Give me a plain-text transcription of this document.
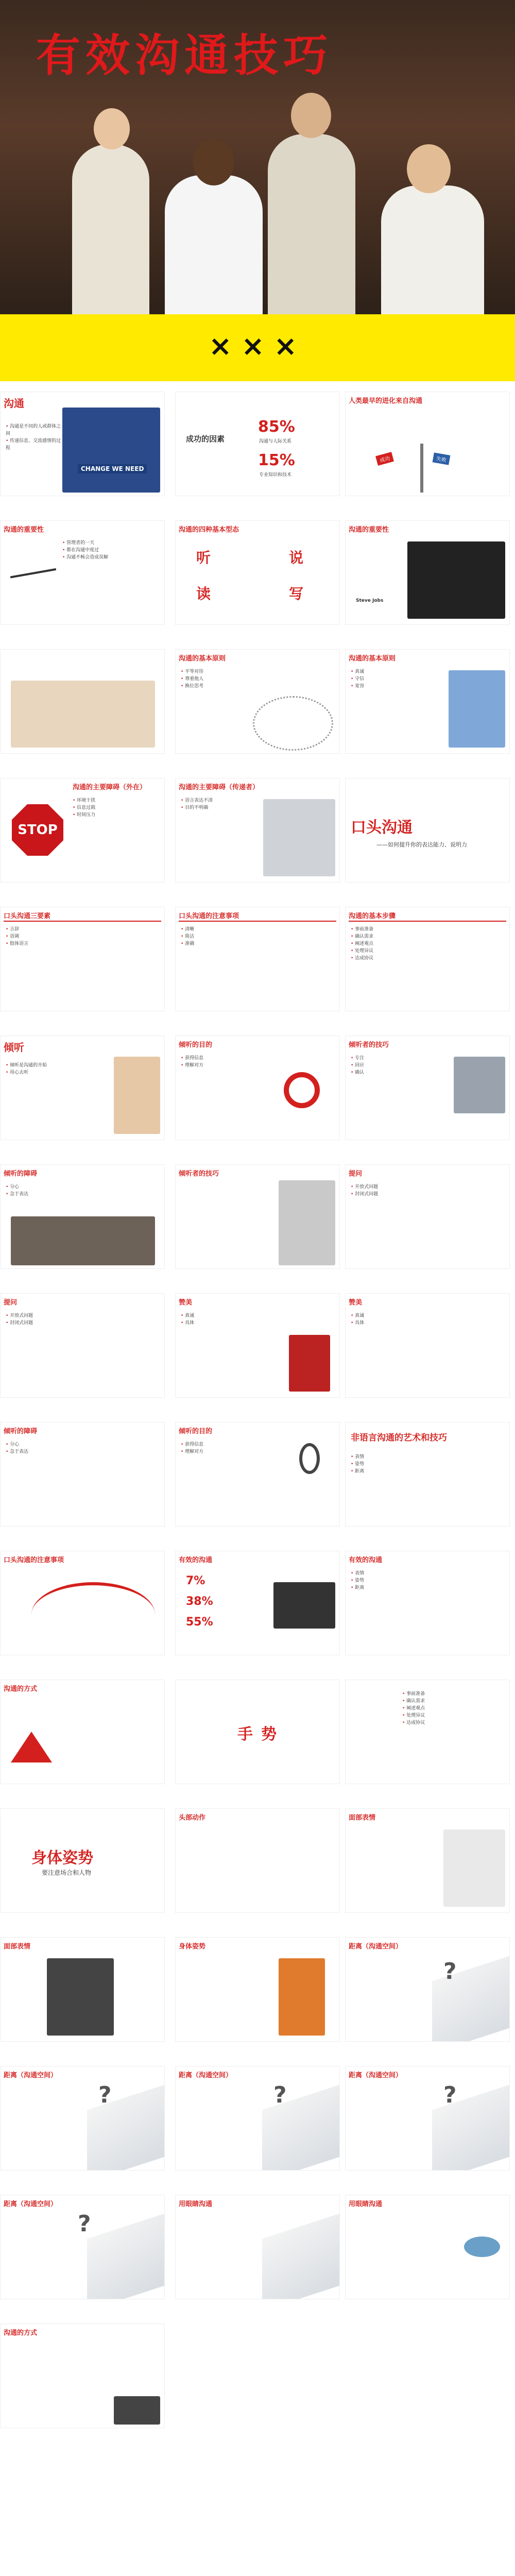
有效沟通技巧
×××
沟通
CHANGE WE NEED
• 沟通是不同的人或群体之间
• 传递信息、交流感情的过程
成功的因素
85%
沟通与人际关系
15%
专业知识和技术
人类最早的进化来自沟通
成功	失败
沟通的重要性
• 管理者的一天
• 都在沟通中度过
• 沟通不畅会造成误解
沟通的四种基本型态
听	说
读	写
沟通的重要性
Steve Jobs
沟通的基本原则
• 平等对待
• 尊重他人
• 换位思考
沟通的基本原则
• 真诚
• 守信
• 宽容
沟通的主要障碍（外在）
STOP
• 环境干扰
• 信息过载
• 时间压力
沟通的主要障碍（传递者）
• 语言表达不清
• 目的不明确
口头沟通
——如何提升你的表达能力、说明力
口头沟通三要素
• 言辞
• 语调
• 肢体语言
口头沟通的注意事项
• 清晰
• 简洁
• 准确
沟通的基本步骤
• 事前准备
• 确认需求
• 阐述观点
• 处理异议
• 达成协议
倾听
• 倾听是沟通的开始
• 用心去听
倾听的目的
• 获得信息
• 理解对方
倾听者的技巧
• 专注
• 回应
• 确认
倾听的障碍
• 分心
• 急于表达
倾听者的技巧	提问
• 开放式问题
• 封闭式问题
提问
• 开放式问题
• 封闭式问题
赞美
• 真诚
• 具体
赞美
• 真诚
• 具体
倾听的障碍
• 分心
• 急于表达
倾听的目的
• 获得信息
• 理解对方
非语言沟通的艺术和技巧
• 表情
• 姿势
• 距离
口头沟通的注意事项	有效的沟通
7%
38%
55%
有效的沟通
• 表情
• 姿势
• 距离
沟通的方式
手势
• 事前准备
• 确认需求
• 阐述观点
• 处理异议
• 达成协议
身体姿势
要注意场合和人物
头部动作	面部表情
面部表情	身体姿势	距离（沟通空间）
?
距离（沟通空间）
?
距离（沟通空间）
?
距离（沟通空间）
?
距离（沟通空间）
?
用眼睛沟通	用眼睛沟通
沟通的方式
